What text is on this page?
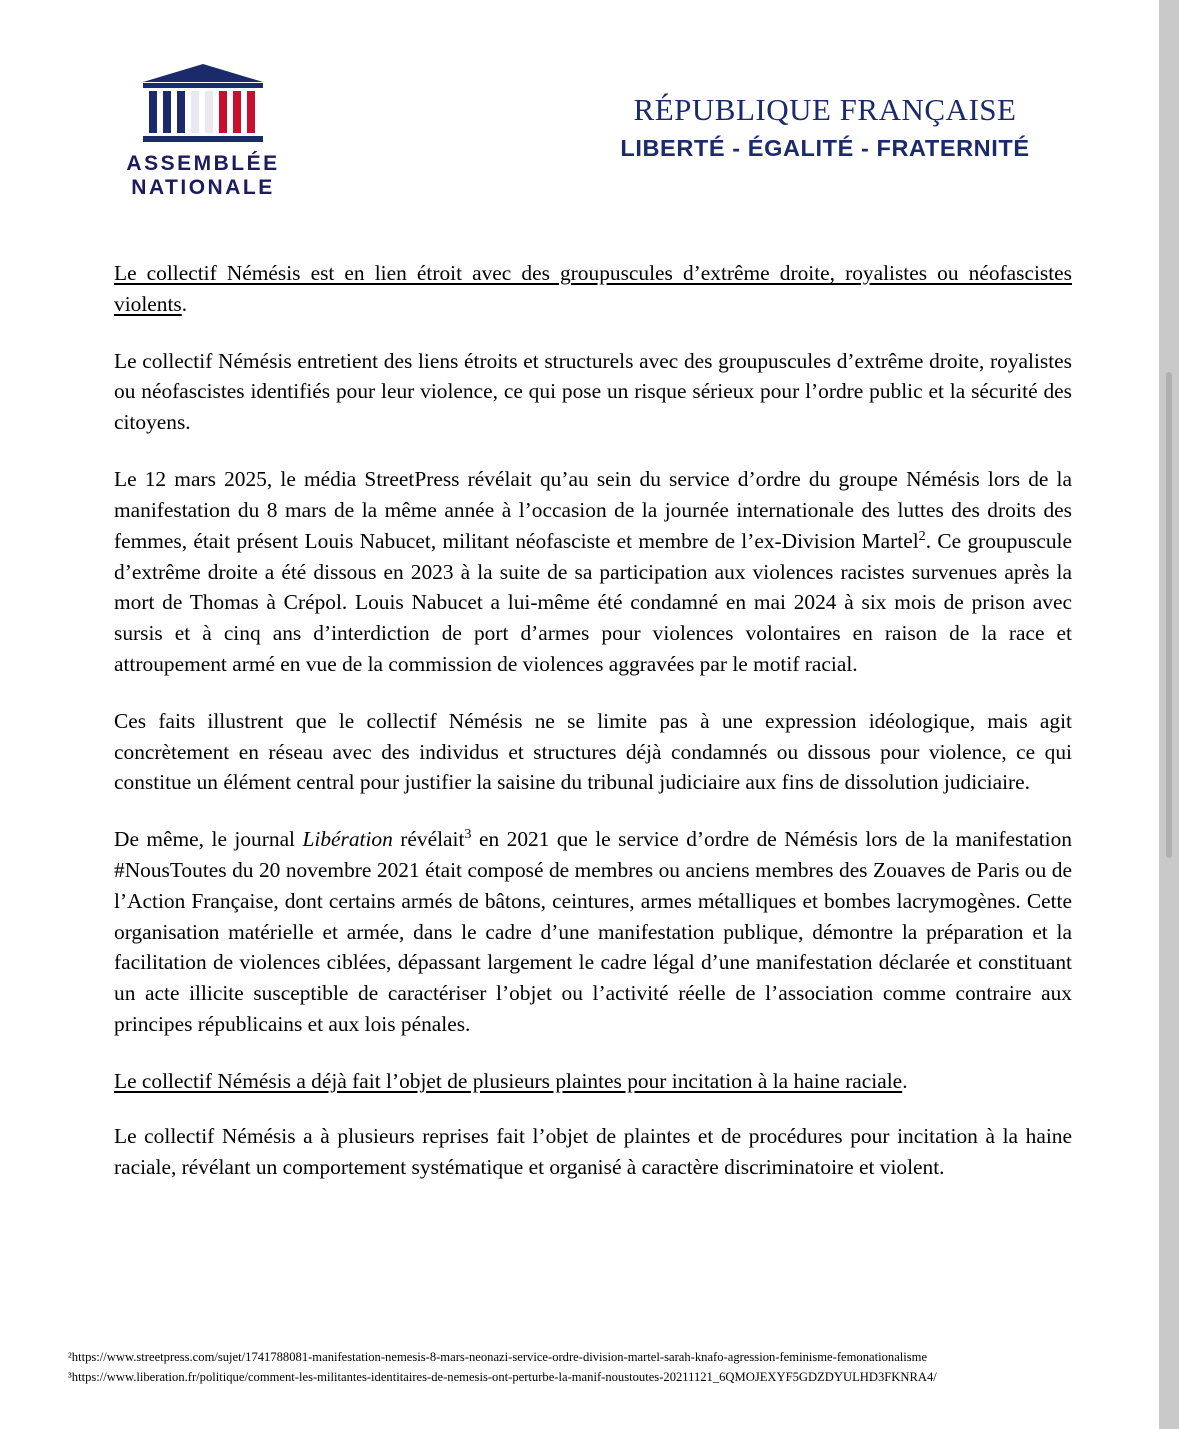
ASSEMBLÉE
NATIONALE
RÉPUBLIQUE FRANÇAISE
LIBERTÉ - ÉGALITÉ - FRATERNITÉ

Le collectif Némésis est en lien étroit avec des groupuscules d’extrême droite, royalistes ou néofascistes violents.

Le collectif Némésis entretient des liens étroits et structurels avec des groupuscules d’extrême droite, royalistes ou néofascistes identifiés pour leur violence, ce qui pose un risque sérieux pour l’ordre public et la sécurité des citoyens.

Le 12 mars 2025, le média StreetPress révélait qu’au sein du service d’ordre du groupe Némésis lors de la manifestation du 8 mars de la même année à l’occasion de la journée internationale des luttes des droits des femmes, était présent Louis Nabucet, militant néofasciste et membre de l’ex-Division Martel$^2$. Ce groupuscule d’extrême droite a été dissous en 2023 à la suite de sa participation aux violences racistes survenues après la mort de Thomas à Crépol. Louis Nabucet a lui-même été condamné en mai 2024 à six mois de prison avec sursis et à cinq ans d’interdiction de port d’armes pour violences volontaires en raison de la race et attroupement armé en vue de la commission de violences aggravées par le motif racial.

Ces faits illustrent que le collectif Némésis ne se limite pas à une expression idéologique, mais agit concrètement en réseau avec des individus et structures déjà condamnés ou dissous pour violence, ce qui constitue un élément central pour justifier la saisine du tribunal judiciaire aux fins de dissolution judiciaire.

De même, le journal Libération révélait$^3$ en 2021 que le service d’ordre de Némésis lors de la manifestation #NousToutes du 20 novembre 2021 était composé de membres ou anciens membres des Zouaves de Paris ou de l’Action Française, dont certains armés de bâtons, ceintures, armes métalliques et bombes lacrymogènes. Cette organisation matérielle et armée, dans le cadre d’une manifestation publique, démontre la préparation et la facilitation de violences ciblées, dépassant largement le cadre légal d’une manifestation déclarée et constituant un acte illicite susceptible de caractériser l’objet ou l’activité réelle de l’association comme contraire aux principes républicains et aux lois pénales.

Le collectif Némésis a déjà fait l’objet de plusieurs plaintes pour incitation à la haine raciale.

Le collectif Némésis a à plusieurs reprises fait l’objet de plaintes et de procédures pour incitation à la haine raciale, révélant un comportement systématique et organisé à caractère discriminatoire et violent.

²https://www.streetpress.com/sujet/1741788081-manifestation-nemesis-8-mars-neonazi-service-ordre-division-martel-sarah-knafo-agression-feminisme-femonationalisme
³https://www.liberation.fr/politique/comment-les-militantes-identitaires-de-nemesis-ont-perturbe-la-manif-noustoutes-20211121_6QMOJEXYF5GDZDYULHD3FKNRA4/
